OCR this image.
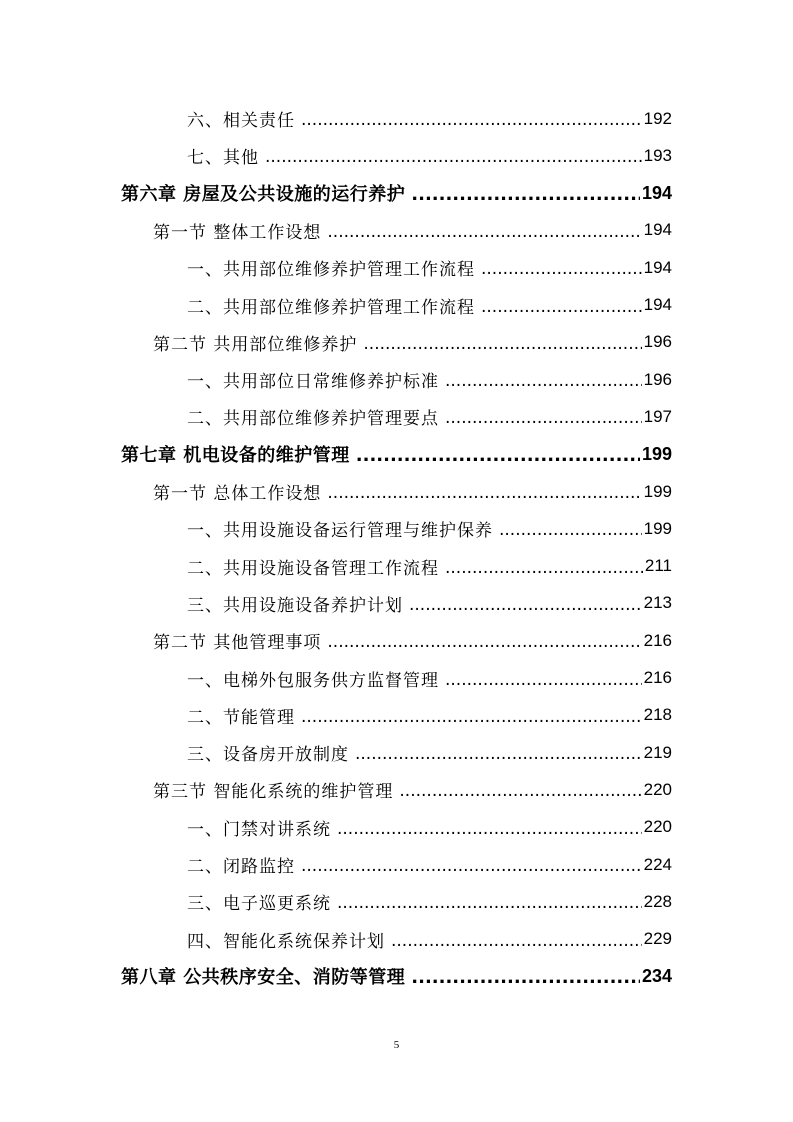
六、相关责任 .....	192
七、其他 .....	193
第六章 房屋及公共设施的运行养护 .....	194
第一节 整体工作设想 .....	194
一、共用部位维修养护管理工作流程 .....	194
二、共用部位维修养护管理工作流程 .....	194
第二节 共用部位维修养护 .....	196
一、共用部位日常维修养护标准 .....	196
二、共用部位维修养护管理要点 .....	197
第七章 机电设备的维护管理 .....	199
第一节 总体工作设想 .....	199
一、共用设施设备运行管理与维护保养 .....	199
二、共用设施设备管理工作流程 .....	211
三、共用设施设备养护计划 .....	213
第二节 其他管理事项 .....	216
一、电梯外包服务供方监督管理 .....	216
二、节能管理 .....	218
三、设备房开放制度 .....	219
第三节 智能化系统的维护管理 .....	220
一、门禁对讲系统 .....	220
二、闭路监控 .....	224
三、电子巡更系统 .....	228
四、智能化系统保养计划 .....	229
第八章 公共秩序安全、消防等管理 .....	234
5
